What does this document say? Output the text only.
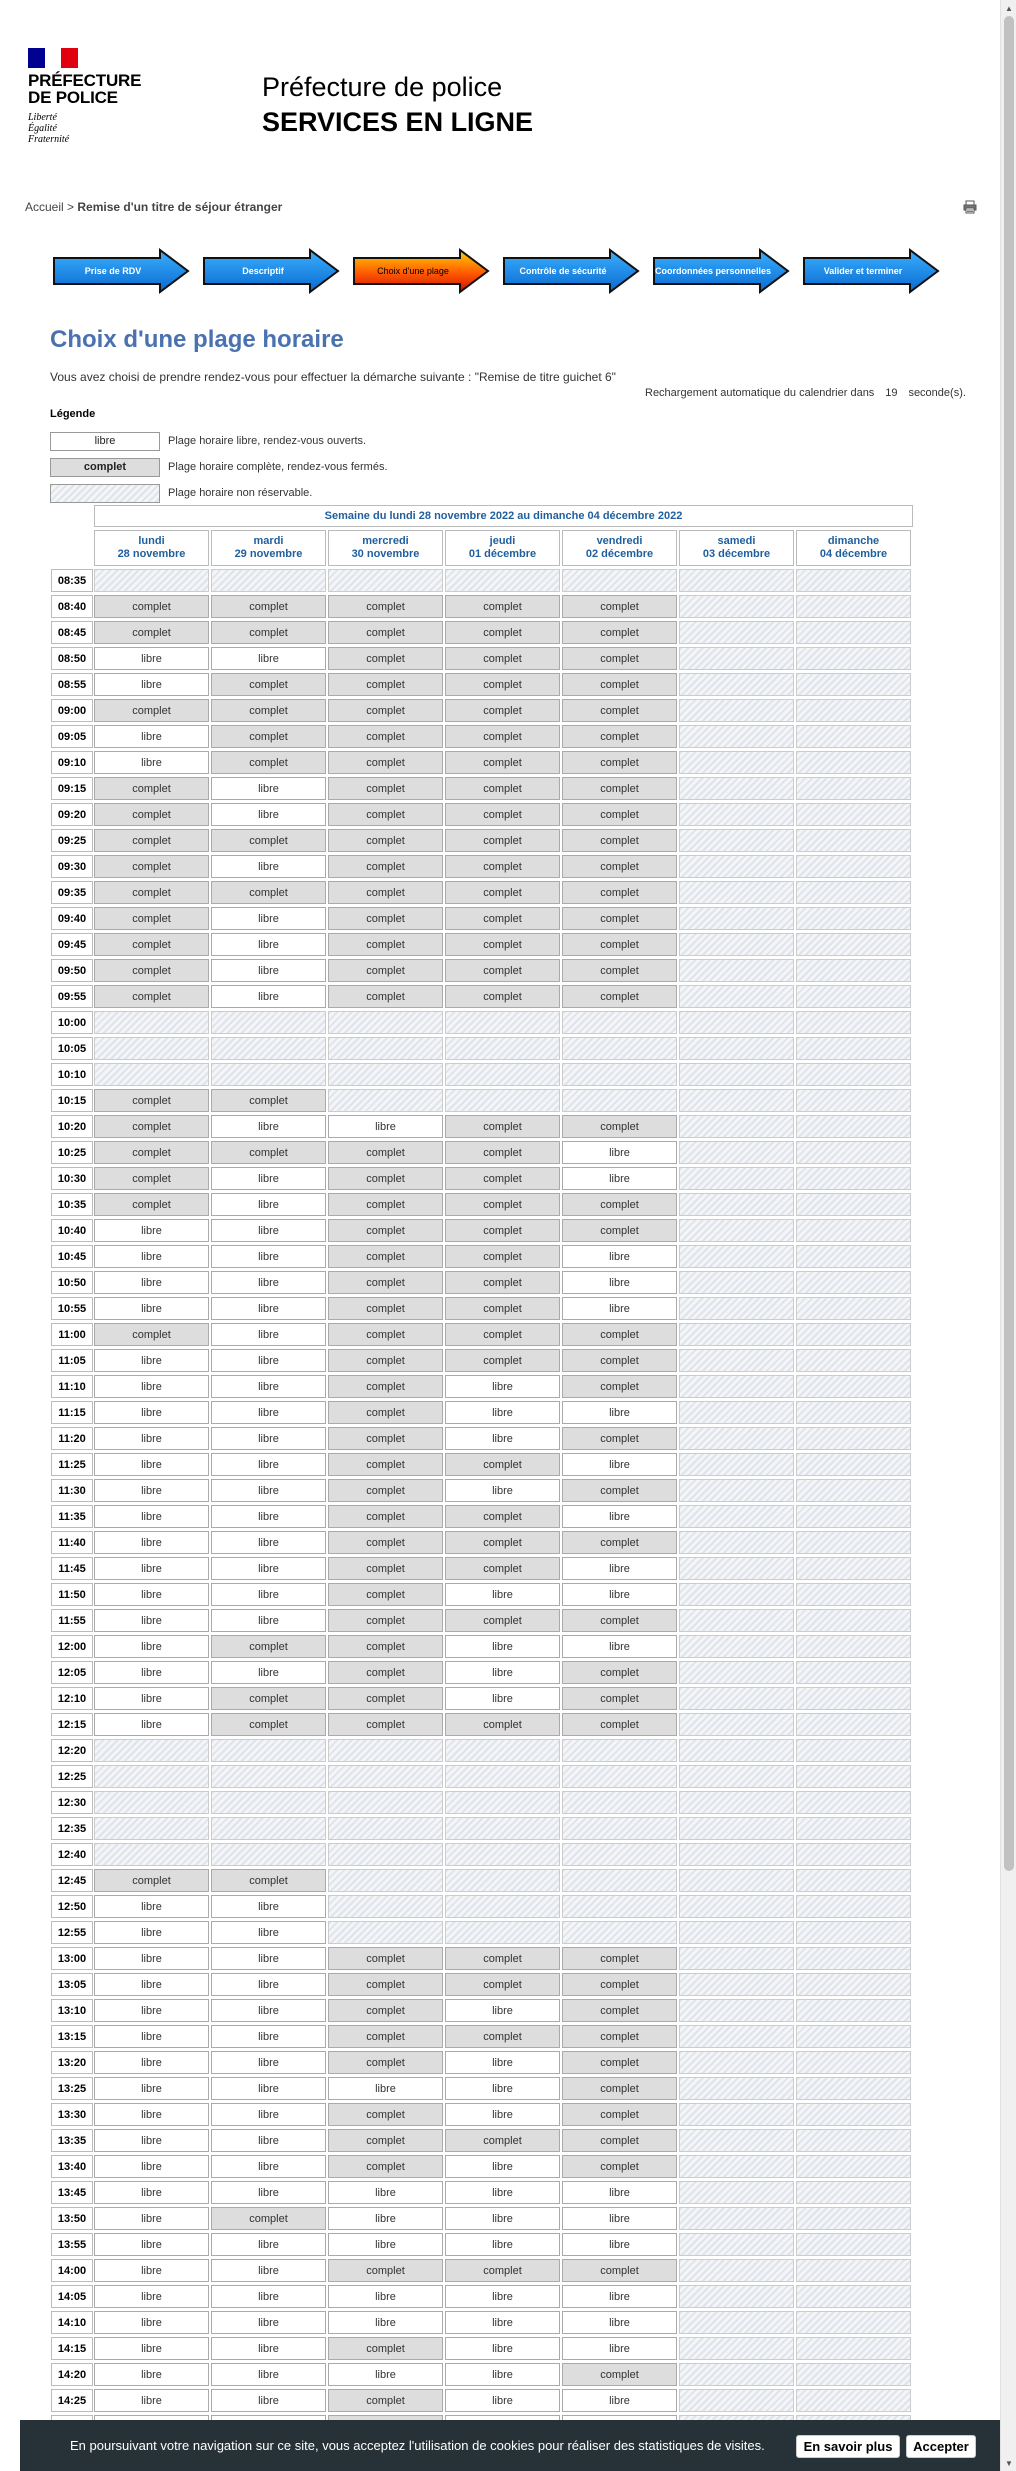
PRÉFECTURE
DE POLICE
Liberté
Égalité
Fraternité
Préfecture de police
SERVICES EN LIGNE
Accueil > Remise d'un titre de séjour étranger
Prise de RDV	Descriptif	Choix d'une plage	Contrôle de sécurité	Coordonnées personnelles	Valider et terminer
Choix d'une plage horaire
Vous avez choisi de prendre rendez-vous pour effectuer la démarche suivante : "Remise de titre guichet 6"
Rechargement automatique du calendrier dans 19 seconde(s).
Légende
libre	Plage horaire libre, rendez-vous ouverts.
complet	Plage horaire complète, rendez-vous fermés.
Plage horaire non réservable.
Semaine du lundi 28 novembre 2022 au dimanche 04 décembre 2022
lundi
28 novembre
mardi
29 novembre
mercredi
30 novembre
jeudi
01 décembre
vendredi
02 décembre
samedi
03 décembre
dimanche
04 décembre
08:35
08:40	complet	complet	complet	complet	complet
08:45	complet	complet	complet	complet	complet
08:50	libre	libre	complet	complet	complet
08:55	libre	complet	complet	complet	complet
09:00	complet	complet	complet	complet	complet
09:05	libre	complet	complet	complet	complet
09:10	libre	complet	complet	complet	complet
09:15	complet	libre	complet	complet	complet
09:20	complet	libre	complet	complet	complet
09:25	complet	complet	complet	complet	complet
09:30	complet	libre	complet	complet	complet
09:35	complet	complet	complet	complet	complet
09:40	complet	libre	complet	complet	complet
09:45	complet	libre	complet	complet	complet
09:50	complet	libre	complet	complet	complet
09:55	complet	libre	complet	complet	complet
10:00
10:05
10:10
10:15	complet	complet
10:20	complet	libre	libre	complet	complet
10:25	complet	complet	complet	complet	libre
10:30	complet	libre	complet	complet	libre
10:35	complet	libre	complet	complet	complet
10:40	libre	libre	complet	complet	complet
10:45	libre	libre	complet	complet	libre
10:50	libre	libre	complet	complet	libre
10:55	libre	libre	complet	complet	libre
11:00	complet	libre	complet	complet	complet
11:05	libre	libre	complet	complet	complet
11:10	libre	libre	complet	libre	complet
11:15	libre	libre	complet	libre	libre
11:20	libre	libre	complet	libre	complet
11:25	libre	libre	complet	complet	libre
11:30	libre	libre	complet	libre	complet
11:35	libre	libre	complet	complet	libre
11:40	libre	libre	complet	complet	complet
11:45	libre	libre	complet	complet	libre
11:50	libre	libre	complet	libre	libre
11:55	libre	libre	complet	complet	complet
12:00	libre	complet	complet	libre	libre
12:05	libre	libre	complet	libre	complet
12:10	libre	complet	complet	libre	complet
12:15	libre	complet	complet	complet	complet
12:20
12:25
12:30
12:35
12:40
12:45	complet	complet
12:50	libre	libre
12:55	libre	libre
13:00	libre	libre	complet	complet	complet
13:05	libre	libre	complet	complet	complet
13:10	libre	libre	complet	libre	complet
13:15	libre	libre	complet	complet	complet
13:20	libre	libre	complet	libre	complet
13:25	libre	libre	libre	libre	complet
13:30	libre	libre	complet	libre	complet
13:35	libre	libre	complet	complet	complet
13:40	libre	libre	complet	libre	complet
13:45	libre	libre	libre	libre	libre
13:50	libre	complet	libre	libre	libre
13:55	libre	libre	libre	libre	libre
14:00	libre	libre	complet	complet	complet
14:05	libre	libre	libre	libre	libre
14:10	libre	libre	libre	libre	libre
14:15	libre	libre	complet	libre	libre
14:20	libre	libre	libre	libre	complet
14:25	libre	libre	complet	libre	libre
▲
▼
En poursuivant votre navigation sur ce site, vous acceptez l'utilisation de cookies pour réaliser des statistiques de visites.	En savoir plus	Accepter
